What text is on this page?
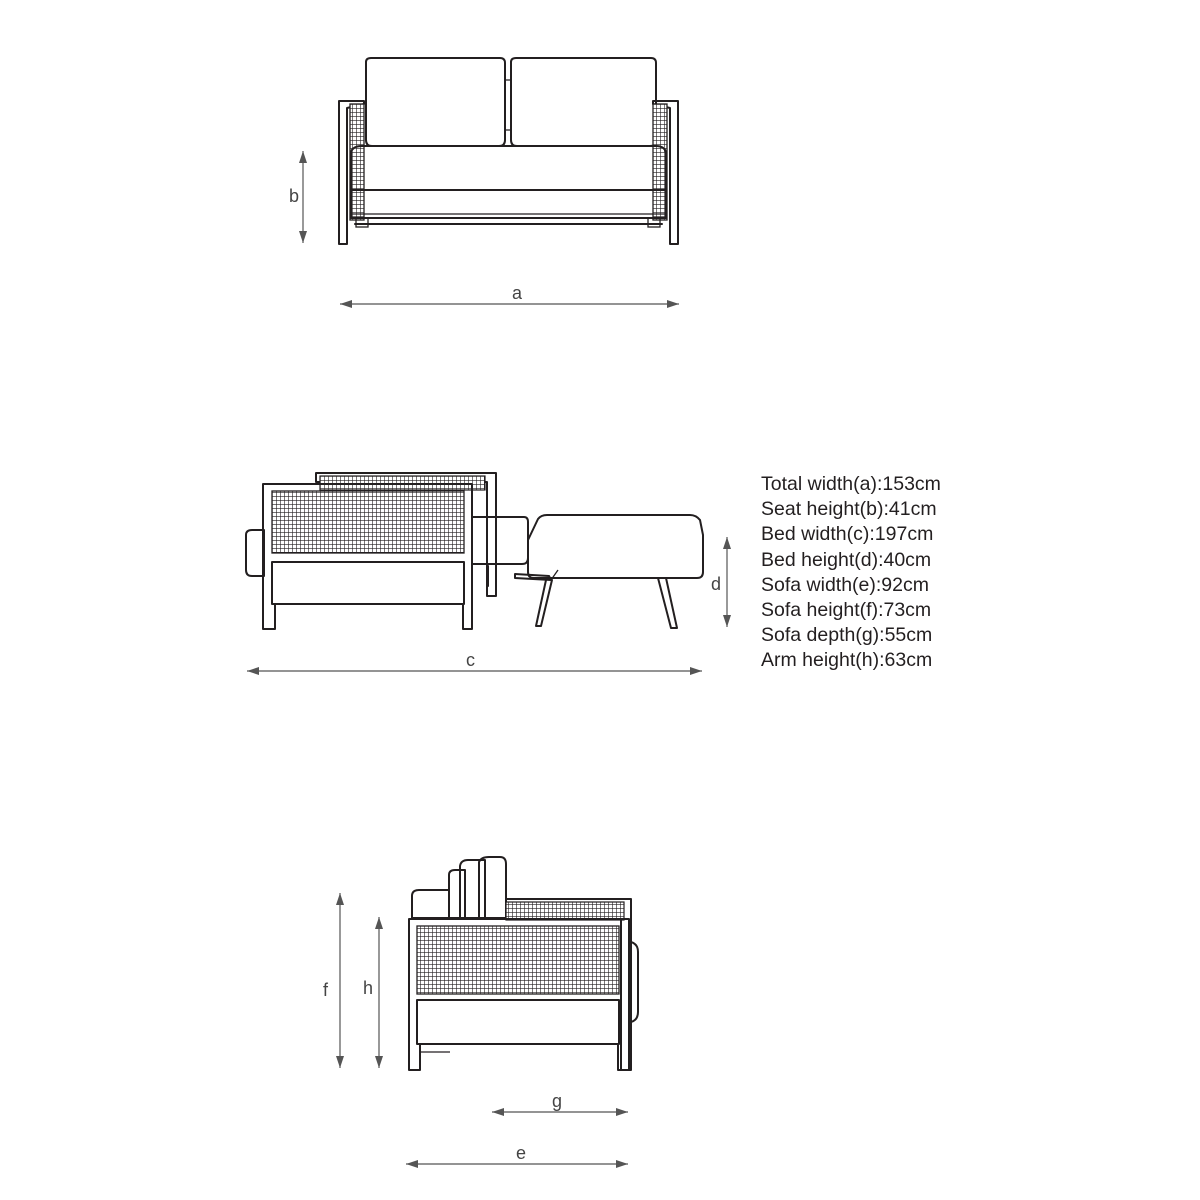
a
b
c
d
f h
g
e
Total width(a):153cm
Seat height(b):41cm
Bed width(c):197cm
Bed height(d):40cm
Sofa width(e):92cm
Sofa height(f):73cm
Sofa depth(g):55cm
Arm height(h):63cm
